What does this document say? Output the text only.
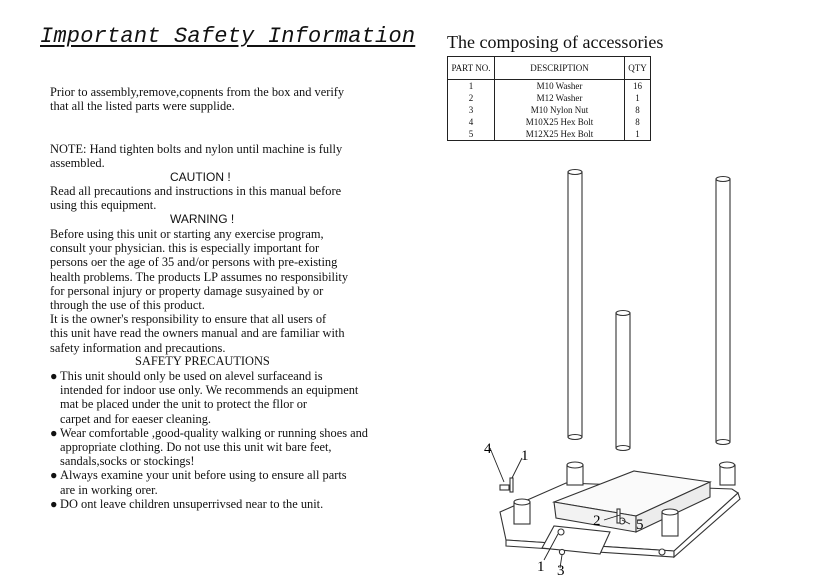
Important Safety Information
Prior to assembly,remove,copnents from the box and verify
that all the listed parts were supplide.
NOTE: Hand tighten bolts and nylon until machine is fully
assembled.
CAUTION !
Read all precautions and instructions in this manual before
using this equipment.
WARNING !
Before using this unit or starting any exercise program,
consult your physician. this is especially important for
persons oer the age of 35 and/or persons with pre-existing
health problems. The products LP assumes no responsibility
for personal injury or property damage susyained by or
through the use of this product.
It is the owner's responsibility to ensure that all users of
this unit have read the owners manual and are familiar with
safety information and precautions.
SAFETY PRECAUTIONS
● This unit should only be used on alevel surfaceand is
intended for indoor use only. We recommends an equipment
mat be placed under the unit to protect the fllor or
carpet and for eaeser cleaning.
● Wear comfortable ,good-quality walking or running shoes and
appropriate clothing. Do not use this unit wit bare feet,
sandals,socks or stockings!
● Always examine your unit before using to ensure all parts
are in working orer.
● DO ont leave children unsuperrivsed near to the unit.
The composing of accessories
PART NO.	DESCRIPTION	QTY
1	M10 Washer	16
2	M12 Washer	1
3	M10 Nylon Nut	8
4	M10X25 Hex Bolt	8
5	M12X25 Hex Bolt	1
4 1
2 5
1 3
